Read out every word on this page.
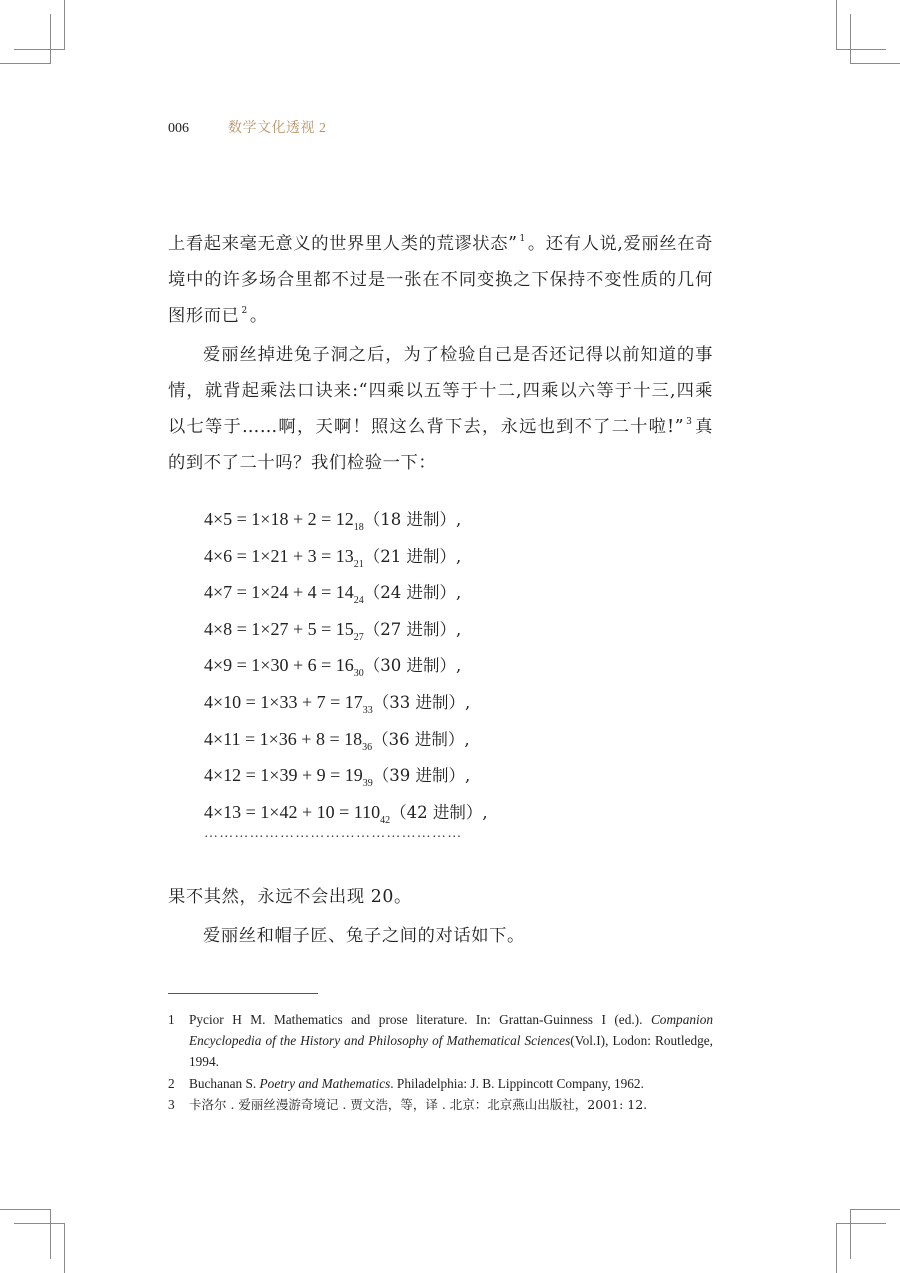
006	数学文化透视 2

上看起来毫无意义的世界里人类的荒谬状态” $^1$ 。还有人说,爱丽丝在奇境中的许多场合里都不过是一张在不同变换之下保持不变性质的几何图形而已 $^2$ 。

爱丽丝掉进兔子洞之后，为了检验自己是否还记得以前知道的事情，就背起乘法口诀来:“四乘以五等于十二,四乘以六等于十三,四乘以七等于……啊，天啊！照这么背下去，永远也到不了二十啦!” $^3$ 真的到不了二十吗？我们检验一下：

$4\times 5 = 1\times 18 + 2 = 12_{18}(18$ 进制）,
$4\times 6 = 1\times 21 + 3 = 13_{21}(21$ 进制）,
$4\times 7 = 1\times 24 + 4 = 14_{24}(24$ 进制）,
$4\times 8 = 1\times 27 + 5 = 15_{27}(27$ 进制）,
$4\times 9 = 1\times 30 + 6 = 16_{30}(30$ 进制）,
$4\times 10 = 1\times 33 + 7 = 17_{33}(33$ 进制）,
$4\times 11 = 1\times 36 + 8 = 18_{36}(36$ 进制）,
$4\times 12 = 1\times 39 + 9 = 19_{39}(39$ 进制）,
$4\times 13 = 1\times 42 + 10 = 110_{42}(42$ 进制）,
……………………………………………

果不其然，永远不会出现 20。

爱丽丝和帽子匠、兔子之间的对话如下。

1	Pycior H M. Mathematics and prose literature. In: Grattan-Guinness I (ed.). Companion Encyclopedia of the History and Philosophy of Mathematical Sciences(Vol.I), Lodon: Routledge, 1994.
2	Buchanan S. Poetry and Mathematics. Philadelphia: J. B. Lippincott Company, 1962.
3	卡洛尔 . 爱丽丝漫游奇境记 . 贾文浩，等，译 . 北京：北京燕山出版社，2001: 12.
